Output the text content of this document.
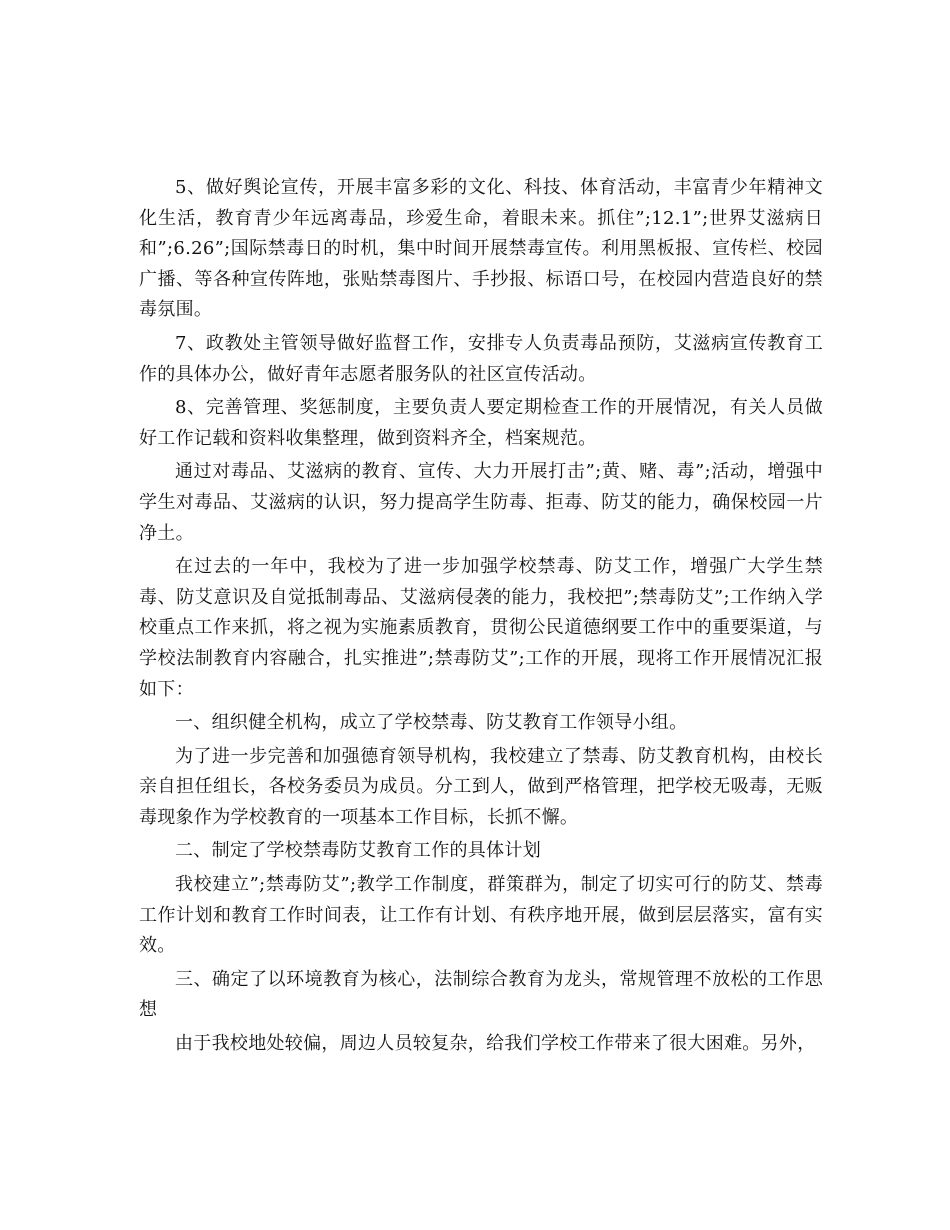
5、做好舆论宣传，开展丰富多彩的文化、科技、体育活动，丰富青少年精神文化生活，教育青少年远离毒品，珍爱生命，着眼未来。抓住”;12.1”;世界艾滋病日和”;6.26”;国际禁毒日的时机，集中时间开展禁毒宣传。利用黑板报、宣传栏、校园广播、等各种宣传阵地，张贴禁毒图片、手抄报、标语口号，在校园内营造良好的禁毒氛围。

7、政教处主管领导做好监督工作，安排专人负责毒品预防，艾滋病宣传教育工作的具体办公，做好青年志愿者服务队的社区宣传活动。

8、完善管理、奖惩制度，主要负责人要定期检查工作的开展情况，有关人员做好工作记载和资料收集整理，做到资料齐全，档案规范。

通过对毒品、艾滋病的教育、宣传、大力开展打击”;黄、赌、毒”;活动，增强中学生对毒品、艾滋病的认识，努力提高学生防毒、拒毒、防艾的能力，确保校园一片净土。

在过去的一年中，我校为了进一步加强学校禁毒、防艾工作，增强广大学生禁毒、防艾意识及自觉抵制毒品、艾滋病侵袭的能力，我校把”;禁毒防艾”;工作纳入学校重点工作来抓，将之视为实施素质教育，贯彻公民道德纲要工作中的重要渠道，与学校法制教育内容融合，扎实推进”;禁毒防艾”;工作的开展，现将工作开展情况汇报如下：

一、组织健全机构，成立了学校禁毒、防艾教育工作领导小组。

为了进一步完善和加强德育领导机构，我校建立了禁毒、防艾教育机构，由校长亲自担任组长，各校务委员为成员。分工到人，做到严格管理，把学校无吸毒，无贩毒现象作为学校教育的一项基本工作目标，长抓不懈。

二、制定了学校禁毒防艾教育工作的具体计划

我校建立”;禁毒防艾”;教学工作制度，群策群为，制定了切实可行的防艾、禁毒工作计划和教育工作时间表，让工作有计划、有秩序地开展，做到层层落实，富有实效。

三、确定了以环境教育为核心，法制综合教育为龙头，常规管理不放松的工作思想

由于我校地处较偏，周边人员较复杂，给我们学校工作带来了很大困难。另外，
